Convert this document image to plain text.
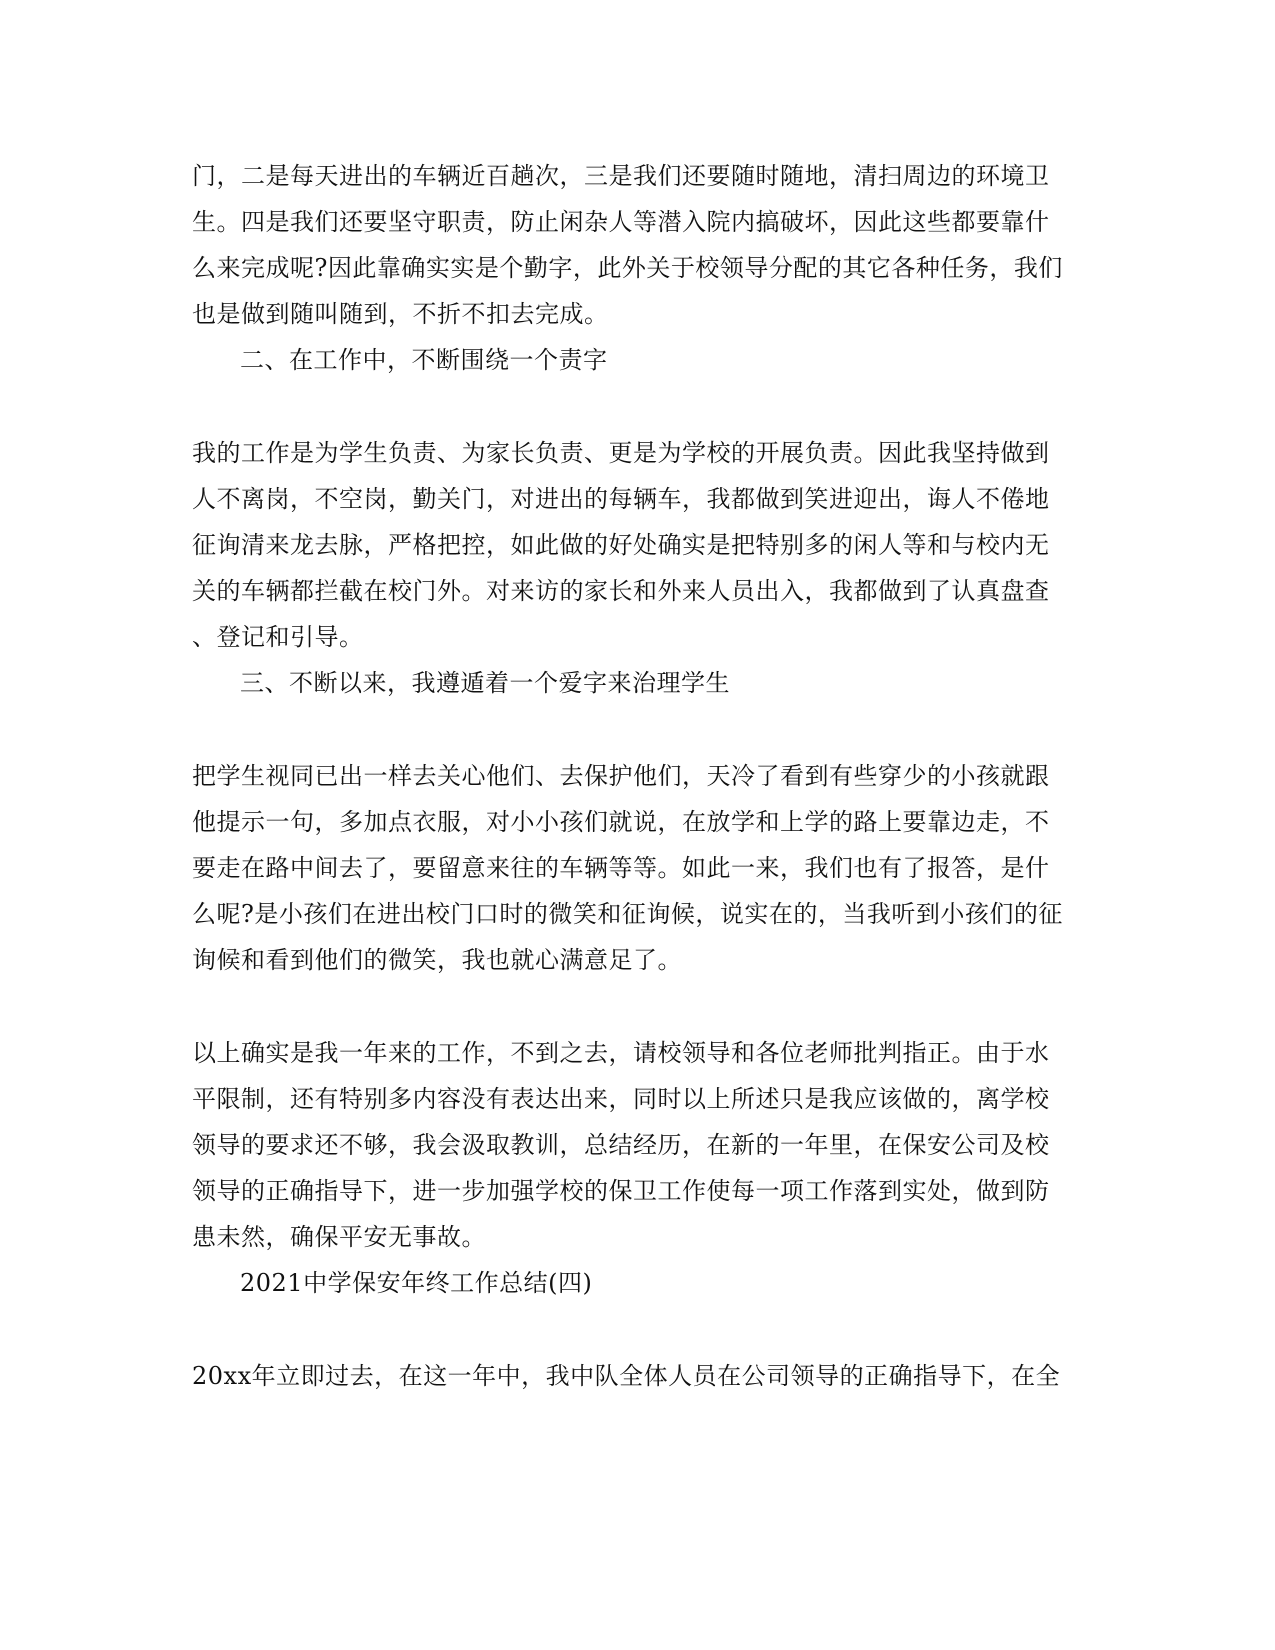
门，二是每天进出的车辆近百趟次，三是我们还要随时随地，清扫周边的环境卫
生。四是我们还要坚守职责，防止闲杂人等潜入院内搞破坏，因此这些都要靠什
么来完成呢?因此靠确实实是个勤字，此外关于校领导分配的其它各种任务，我们
也是做到随叫随到，不折不扣去完成。
二、在工作中，不断围绕一个责字
我的工作是为学生负责、为家长负责、更是为学校的开展负责。因此我坚持做到
人不离岗，不空岗，勤关门，对进出的每辆车，我都做到笑进迎出，诲人不倦地
征询清来龙去脉，严格把控，如此做的好处确实是把特别多的闲人等和与校内无
关的车辆都拦截在校门外。对来访的家长和外来人员出入，我都做到了认真盘查
、登记和引导。
三、不断以来，我遵遁着一个爱字来治理学生
把学生视同已出一样去关心他们、去保护他们，天冷了看到有些穿少的小孩就跟
他提示一句，多加点衣服，对小小孩们就说，在放学和上学的路上要靠边走，不
要走在路中间去了，要留意来往的车辆等等。如此一来，我们也有了报答，是什
么呢?是小孩们在进出校门口时的微笑和征询候，说实在的，当我听到小孩们的征
询候和看到他们的微笑，我也就心满意足了。
以上确实是我一年来的工作，不到之去，请校领导和各位老师批判指正。由于水
平限制，还有特别多内容没有表达出来，同时以上所述只是我应该做的，离学校
领导的要求还不够，我会汲取教训，总结经历，在新的一年里，在保安公司及校
领导的正确指导下，进一步加强学校的保卫工作使每一项工作落到实处，做到防
患未然，确保平安无事故。
2021中学保安年终工作总结(四)
20xx年立即过去，在这一年中，我中队全体人员在公司领导的正确指导下，在全
